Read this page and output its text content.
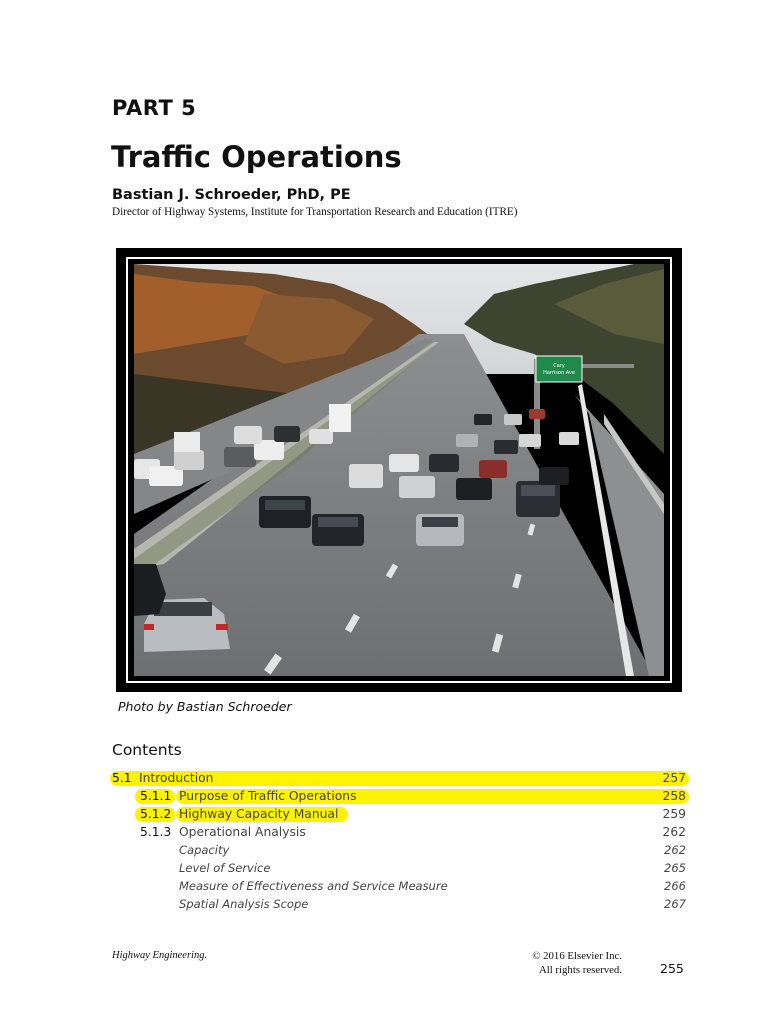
PART 5
Traffic Operations
Bastian J. Schroeder, PhD, PE
Director of Highway Systems, Institute for Transportation Research and Education (ITRE)
Cary
Harrison Ave
Photo by Bastian Schroeder
Contents
5.1 Introduction	257
5.1.1 Purpose of Traffic Operations	258
5.1.2 Highway Capacity Manual	259
5.1.3 Operational Analysis	262
Capacity	262
Level of Service	265
Measure of Effectiveness and Service Measure	266
Spatial Analysis Scope	267
Highway Engineering.	© 2016 Elsevier Inc.
All rights reserved.	255
